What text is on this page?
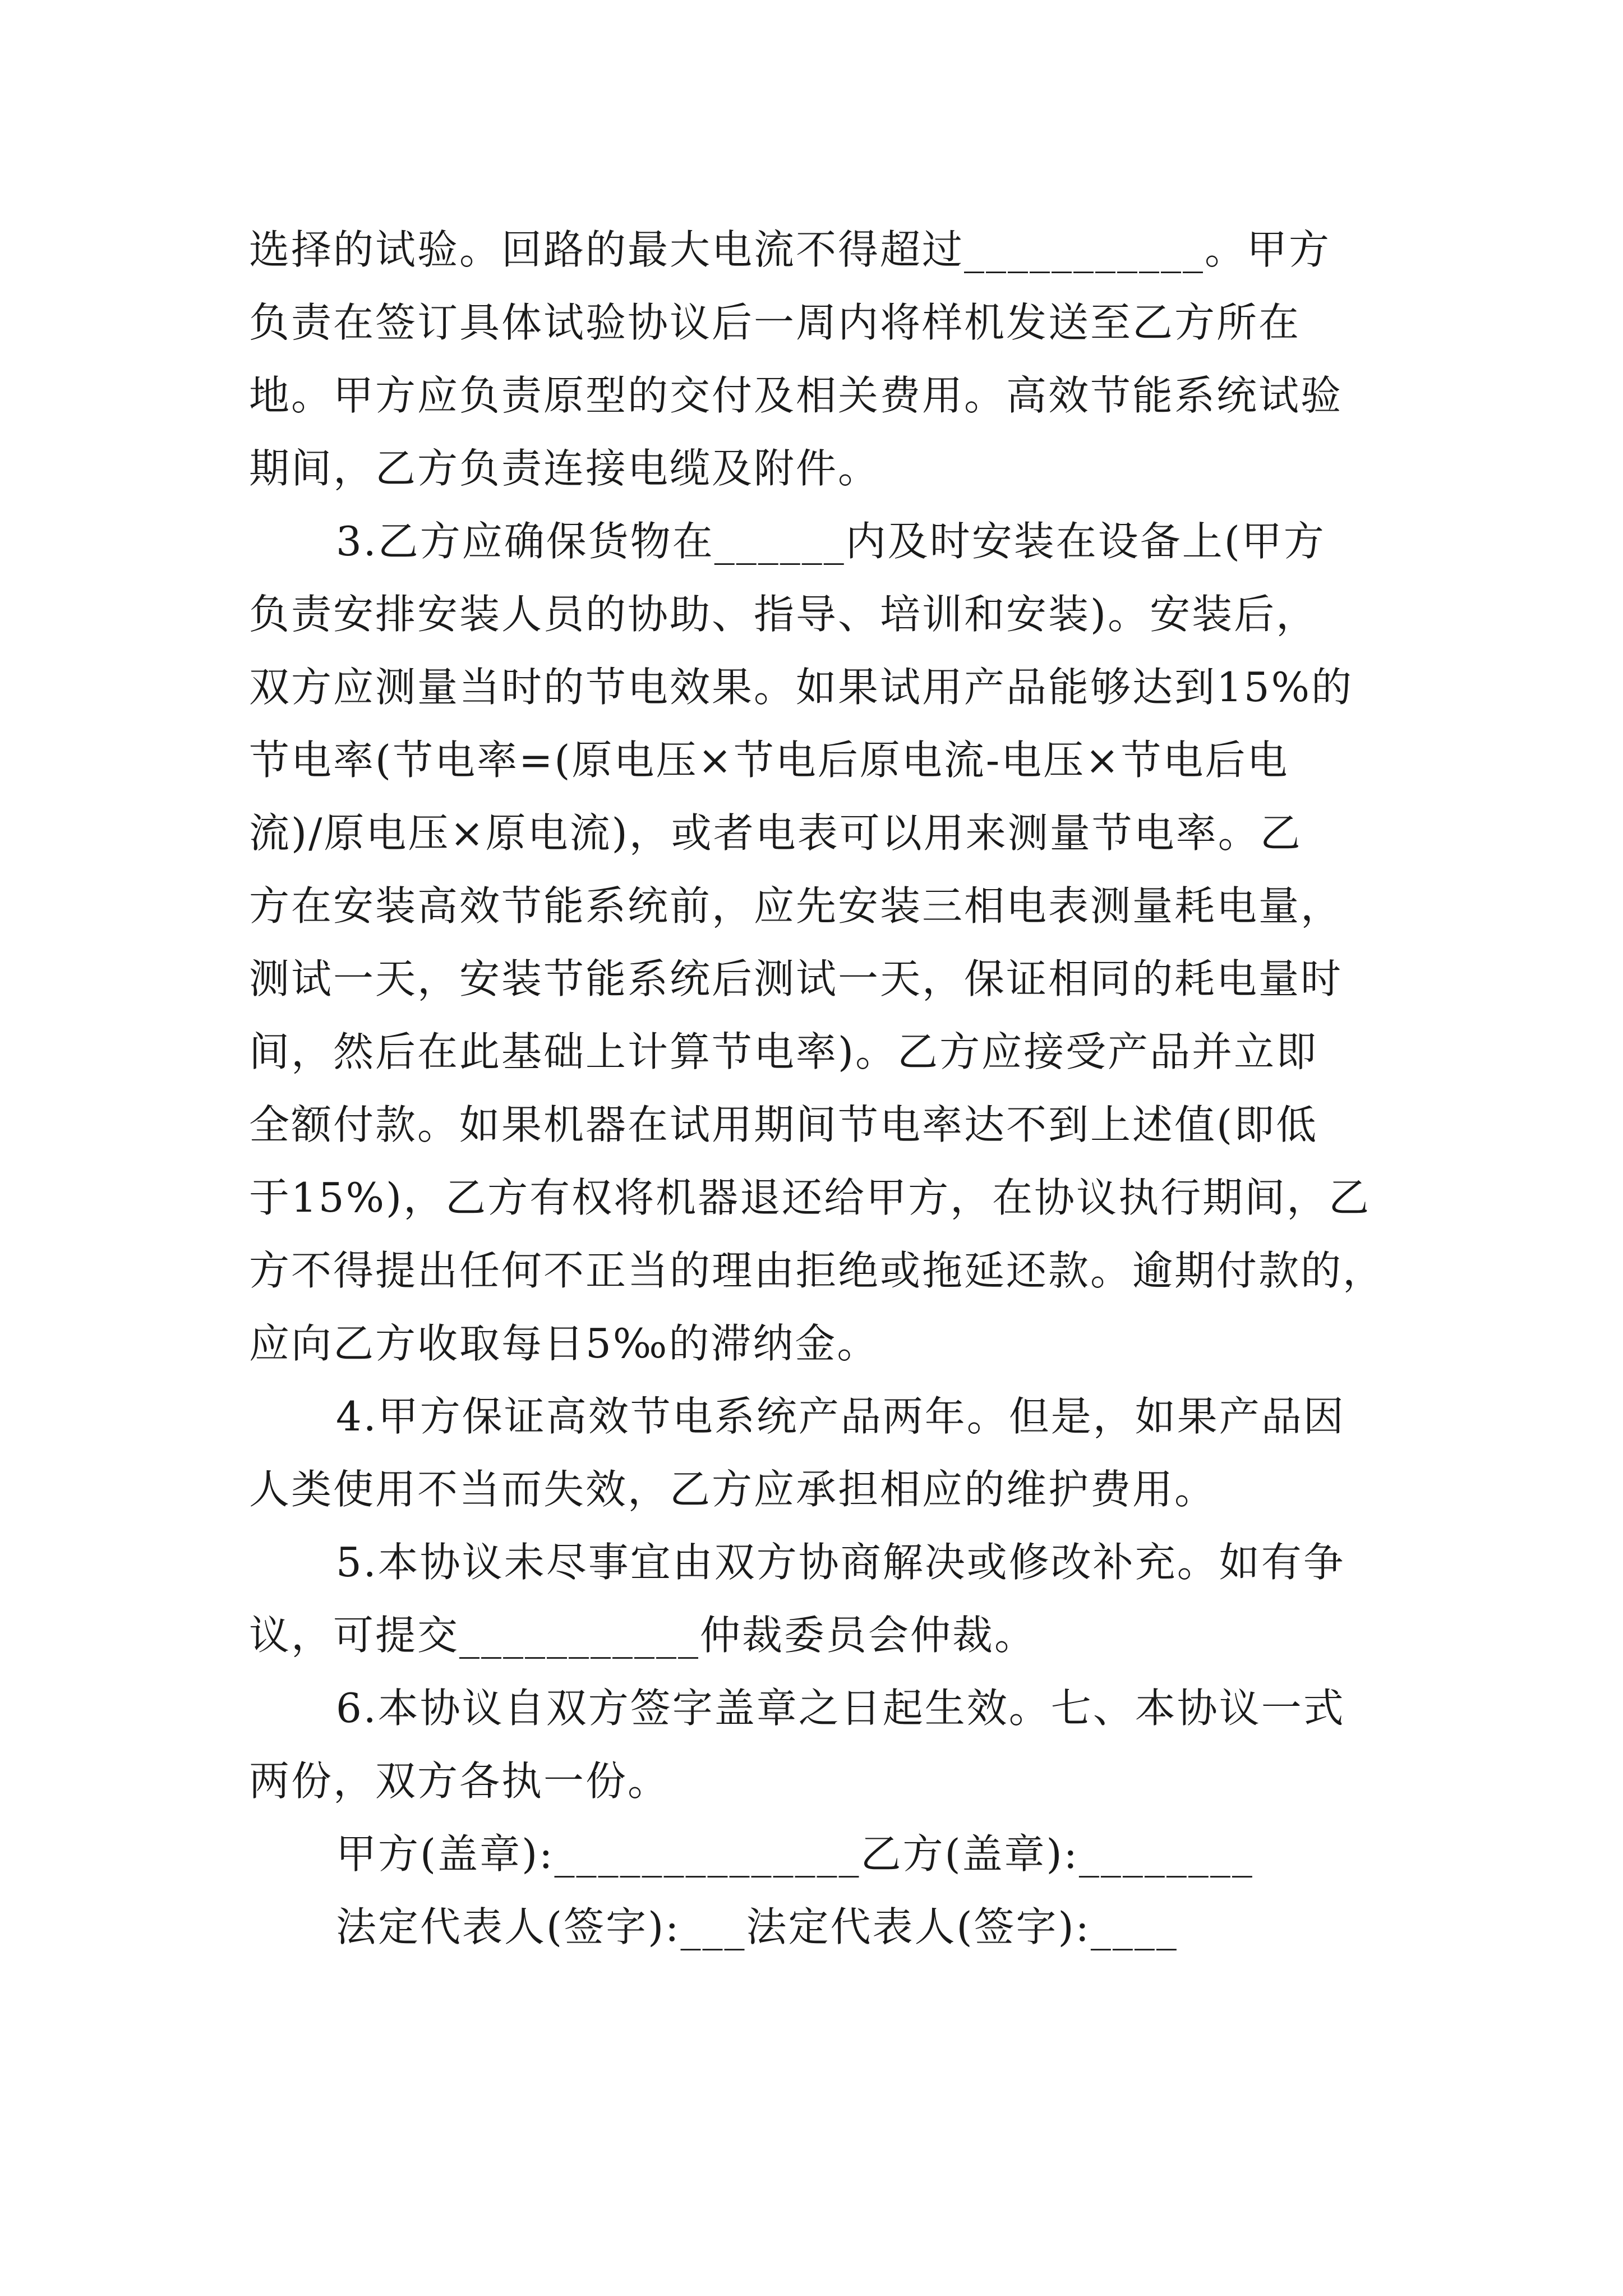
选择的试验。回路的最大电流不得超过___________。甲方
负责在签订具体试验协议后一周内将样机发送至乙方所在
地。甲方应负责原型的交付及相关费用。高效节能系统试验
期间，乙方负责连接电缆及附件。

3.乙方应确保货物在______内及时安装在设备上(甲方
负责安排安装人员的协助、指导、培训和安装)。安装后，
双方应测量当时的节电效果。如果试用产品能够达到15%的
节电率(节电率=(原电压×节电后原电流-电压×节电后电
流)/原电压×原电流)，或者电表可以用来测量节电率。乙
方在安装高效节能系统前，应先安装三相电表测量耗电量，
测试一天，安装节能系统后测试一天，保证相同的耗电量时
间，然后在此基础上计算节电率)。乙方应接受产品并立即
全额付款。如果机器在试用期间节电率达不到上述值(即低
于15%)，乙方有权将机器退还给甲方，在协议执行期间，乙
方不得提出任何不正当的理由拒绝或拖延还款。逾期付款的，
应向乙方收取每日5‰的滞纳金。

4.甲方保证高效节电系统产品两年。但是，如果产品因
人类使用不当而失效，乙方应承担相应的维护费用。

5.本协议未尽事宜由双方协商解决或修改补充。如有争
议，可提交___________仲裁委员会仲裁。

6.本协议自双方签字盖章之日起生效。七、本协议一式
两份，双方各执一份。

甲方(盖章):______________乙方(盖章):________
法定代表人(签字):___法定代表人(签字):____
